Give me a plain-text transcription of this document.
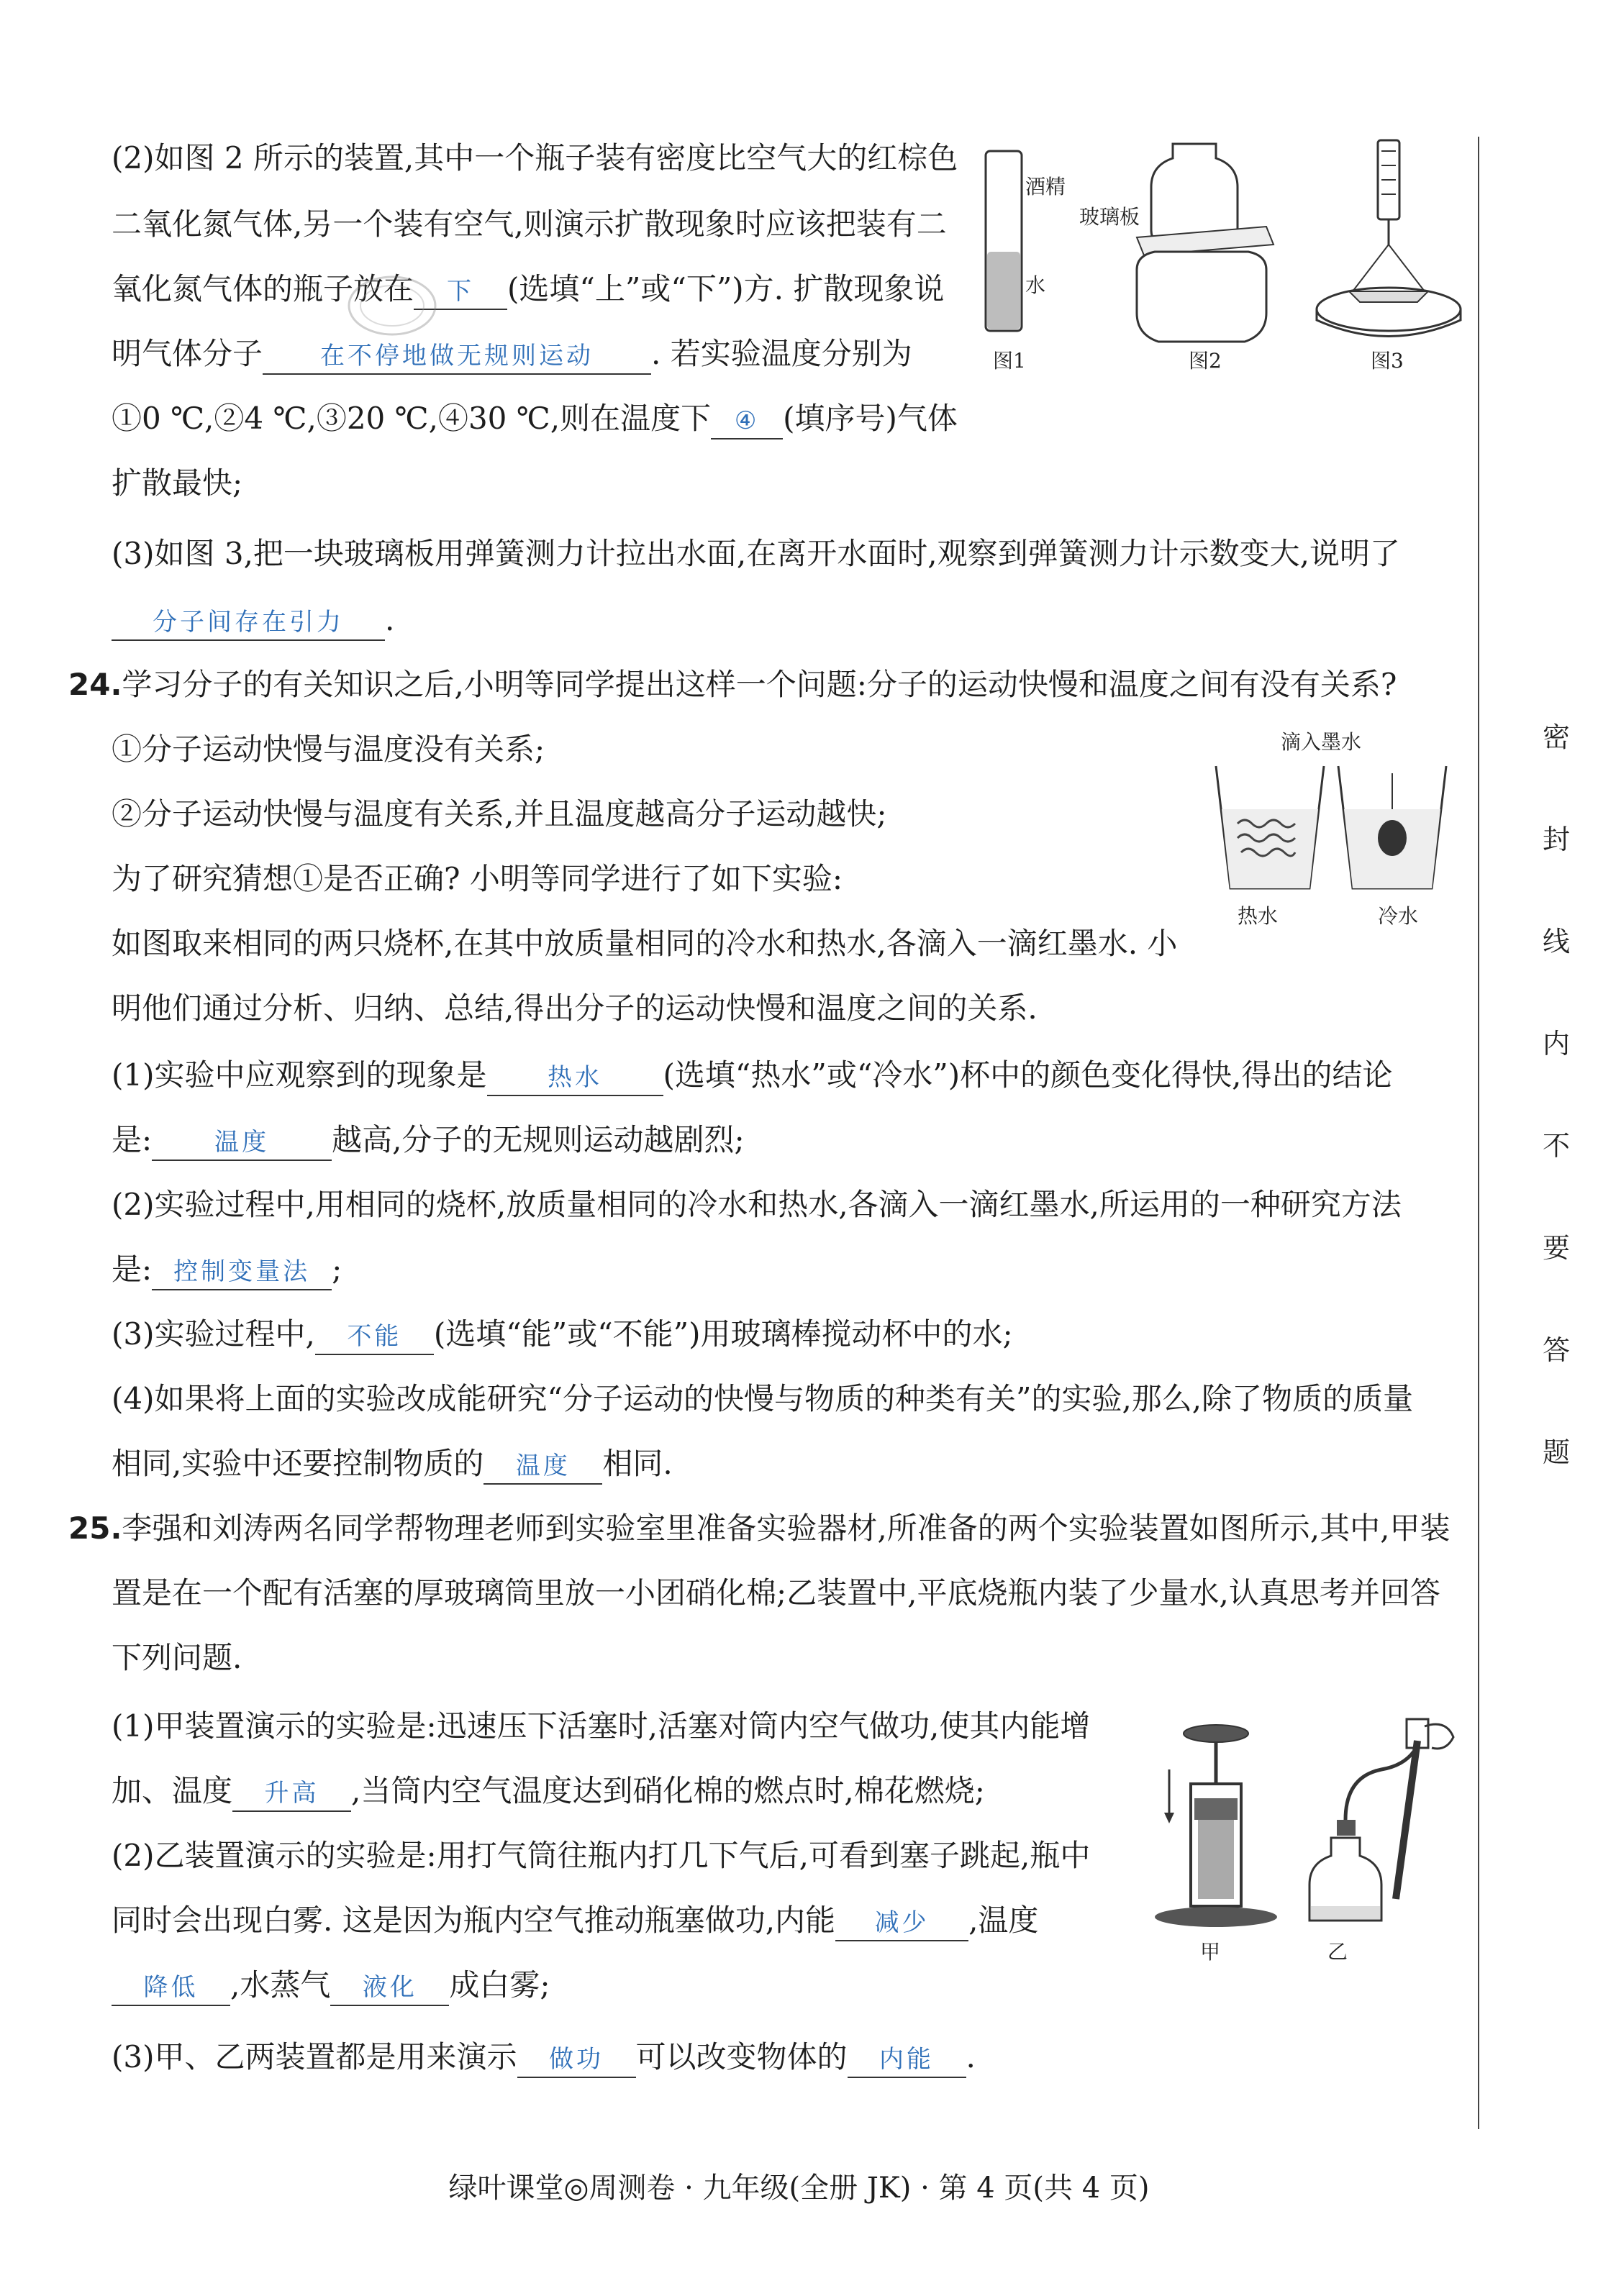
(2)如图 2 所示的装置,其中一个瓶子装有密度比空气大的红棕色
二氧化氮气体,另一个装有空气,则演示扩散现象时应该把装有二
氧化氮气体的瓶子放在 下 (选填“上”或“下”)方. 扩散现象说
明气体分子 在不停地做无规则运动 . 若实验温度分别为
①0 ℃,②4 ℃,③20 ℃,④30 ℃,则在温度下 ④ (填序号)气体
扩散最快;
(3)如图 3,把一块玻璃板用弹簧测力计拉出水面,在离开水面时,观察到弹簧测力计示数变大,说明了
分子间存在引力 .
酒精
水
图1
玻璃板
图2	图3
24.学习分子的有关知识之后,小明等同学提出这样一个问题:分子的运动快慢和温度之间有没有关系?
①分子运动快慢与温度没有关系;
②分子运动快慢与温度有关系,并且温度越高分子运动越快;
为了研究猜想①是否正确? 小明等同学进行了如下实验:
如图取来相同的两只烧杯,在其中放质量相同的冷水和热水,各滴入一滴红墨水. 小
明他们通过分析、归纳、总结,得出分子的运动快慢和温度之间的关系.
滴入墨水
热水	冷水
(1)实验中应观察到的现象是 热水 (选填“热水”或“冷水”)杯中的颜色变化得快,得出的结论
是:	温度 越高,分子的无规则运动越剧烈;
(2)实验过程中,用相同的烧杯,放质量相同的冷水和热水,各滴入一滴红墨水,所运用的一种研究方法
是: 控制变量法 ;
(3)实验过程中, 不能 (选填“能”或“不能”)用玻璃棒搅动杯中的水;
(4)如果将上面的实验改成能研究“分子运动的快慢与物质的种类有关”的实验,那么,除了物质的质量
相同,实验中还要控制物质的 温度 相同.
25.李强和刘涛两名同学帮物理老师到实验室里准备实验器材,所准备的两个实验装置如图所示,其中,甲装
置是在一个配有活塞的厚玻璃筒里放一小团硝化棉;乙装置中,平底烧瓶内装了少量水,认真思考并回答
下列问题.
(1)甲装置演示的实验是:迅速压下活塞时,活塞对筒内空气做功,使其内能增
加、温度 升高 ,当筒内空气温度达到硝化棉的燃点时,棉花燃烧;
(2)乙装置演示的实验是:用打气筒往瓶内打几下气后,可看到塞子跳起,瓶中
同时会出现白雾. 这是因为瓶内空气推动瓶塞做功,内能 减少 ,温度
降低 ,水蒸气 液化 成白雾;
(3)甲、乙两装置都是用来演示 做功 可以改变物体的 内能 .
甲	乙
密
封
线
内
不
要
答
题
绿叶课堂◎周测卷 · 九年级(全册 JK) · 第 4 页(共 4 页)
